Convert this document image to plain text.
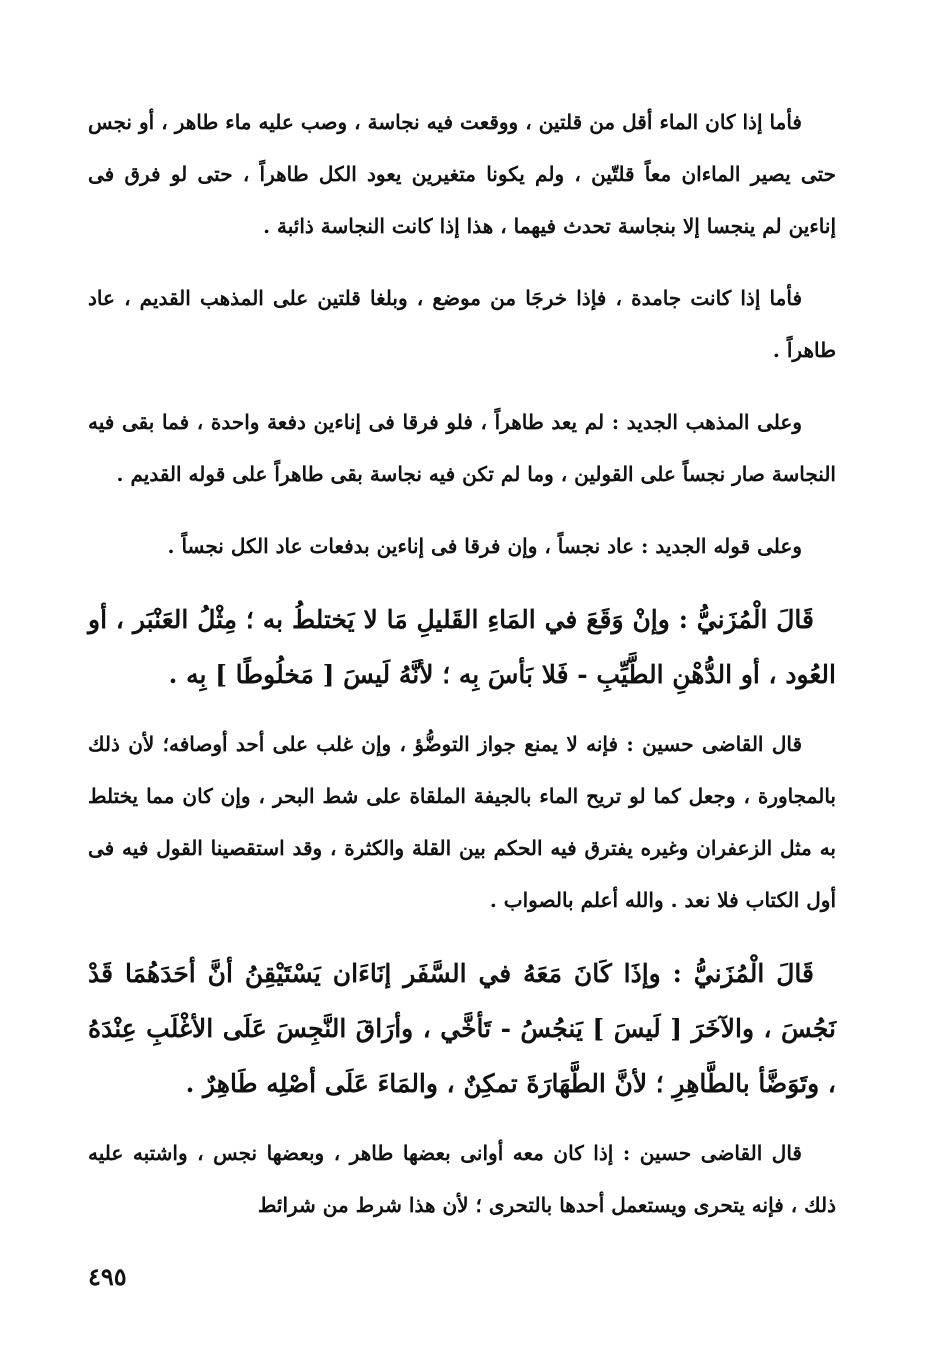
فأما إذا كان الماء أقل من قلتين ، ووقعت فيه نجاسة ، وصب عليه ماء طاهر ، أو نجس حتى يصير الماءان معاً قلتّين ، ولم يكونا متغيرين يعود الكل طاهراً ، حتى لو فرق فى إناءين لم ينجسا إلا بنجاسة تحدث فيهما ، هذا إذا كانت النجاسة ذائبة .

فأما إذا كانت جامدة ، فإذا خرجَا من موضع ، وبلغا قلتين على المذهب القديم ، عاد طاهراً .

وعلى المذهب الجديد : لم يعد طاهراً ، فلو فرقا فى إناءين دفعة واحدة ، فما بقى فيه النجاسة صار نجساً على القولين ، وما لم تكن فيه نجاسة بقى طاهراً على قوله القديم .

وعلى قوله الجديد : عاد نجساً ، وإن فرقا فى إناءين بدفعات عاد الكل نجساً .

قَالَ الْمُزَنيُّ : وإنْ وَقَعَ في المَاءِ القَليلِ مَا لا يَختلطُ به ؛ مِثْلُ العَنْبَر ، أو العُود ، أو الدُّهْنِ الطَّيِّبِ - فَلا بَأسَ بِه ؛ لأنَّهُ لَيسَ [ مَخلُوطًا ] بِه .

قال القاضى حسين : فإنه لا يمنع جواز التوضُّؤ ، وإن غلب على أحد أوصافه؛ لأن ذلك بالمجاورة ، وجعل كما لو تريح الماء بالجيفة الملقاة على شط البحر ، وإن كان مما يختلط به مثل الزعفران وغيره يفترق فيه الحكم بين القلة والكثرة ، وقد استقصينا القول فيه فى أول الكتاب فلا نعد . والله أعلم بالصواب .

قَالَ الْمُزَنيُّ : وإذَا كَانَ مَعَهُ في السَّفَر إنَاءَان يَسْتَيْقِنُ أنَّ أحَدَهُمَا قَدْ نَجُسَ ، والآخَرَ [ لَيسَ ] يَنجُسُ - تَأخَّي ، وأرَاقَ النَّجِسَ عَلَى الأغْلَبِ عِنْدَهُ ، وتَوَضَّأ بالطَّاهِرِ ؛ لأنَّ الطَّهَارَةَ تمكِنٌ ، والمَاءَ عَلَى أصْلِه طَاهِرٌ .

قال القاضى حسين : إذا كان معه أوانى بعضها طاهر ، وبعضها نجس ، واشتبه عليه ذلك ، فإنه يتحرى ويستعمل أحدها بالتحرى ؛ لأن هذا شرط من شرائط

٤٩٥
